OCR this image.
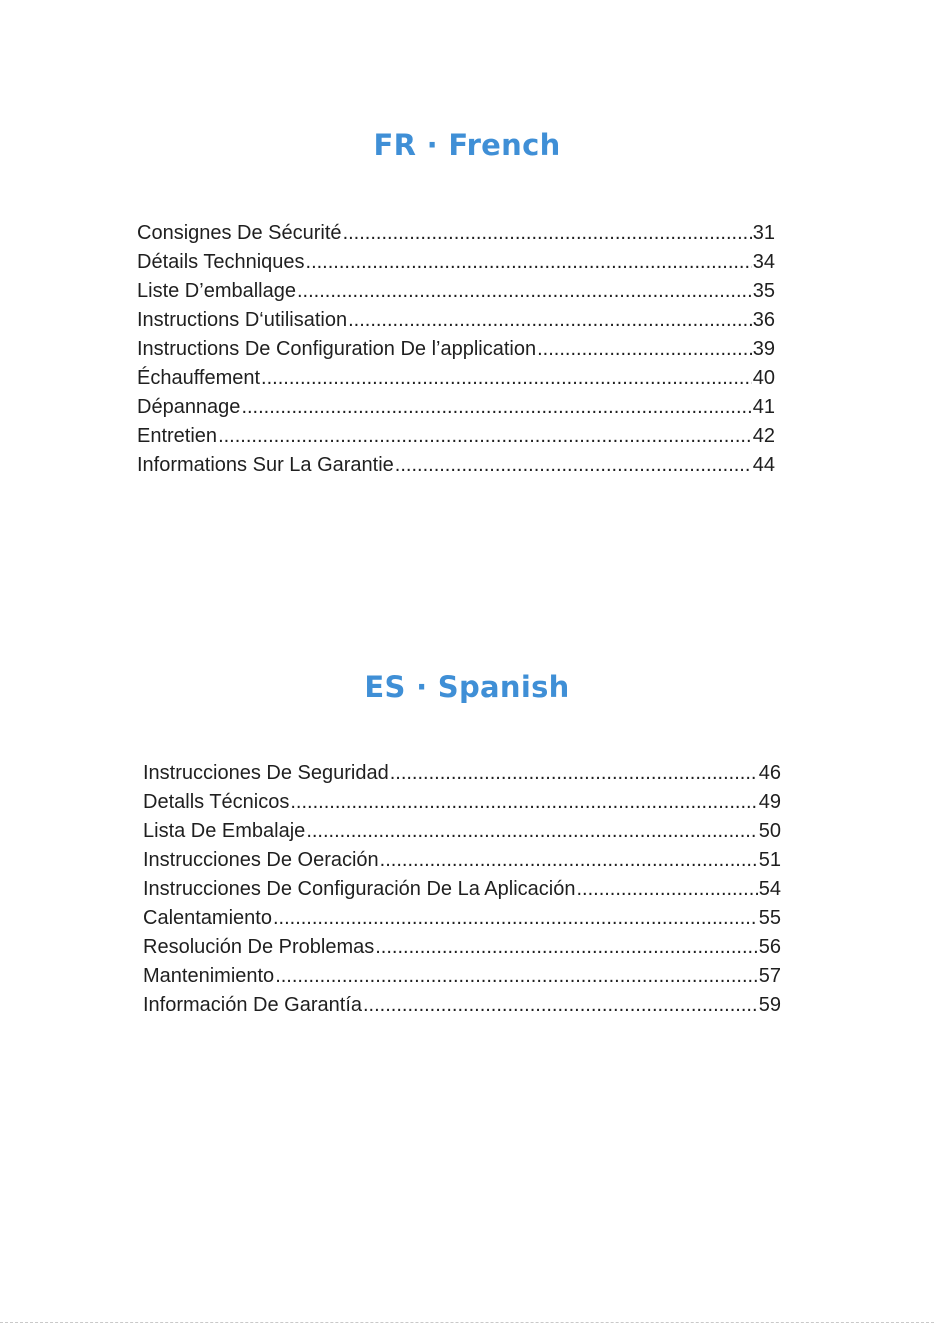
FR · French
Consignes De Sécurité .....	31
Détails Techniques .....	34
Liste D’emballage .....	35
Instructions D‘utilisation .....	36
Instructions De Configuration De l’application .....	39
Échauffement .....	40
Dépannage .....	41
Entretien .....	42
Informations Sur La Garantie .....	44
ES · Spanish
Instrucciones De Seguridad .....	46
Detalls Técnicos .....	49
Lista De Embalaje .....	50
Instrucciones De Oeración .....	51
Instrucciones De Configuración De La Aplicación .....	54
Calentamiento .....	55
Resolución De Problemas .....	56
Mantenimiento .....	57
Información De Garantía .....	59
